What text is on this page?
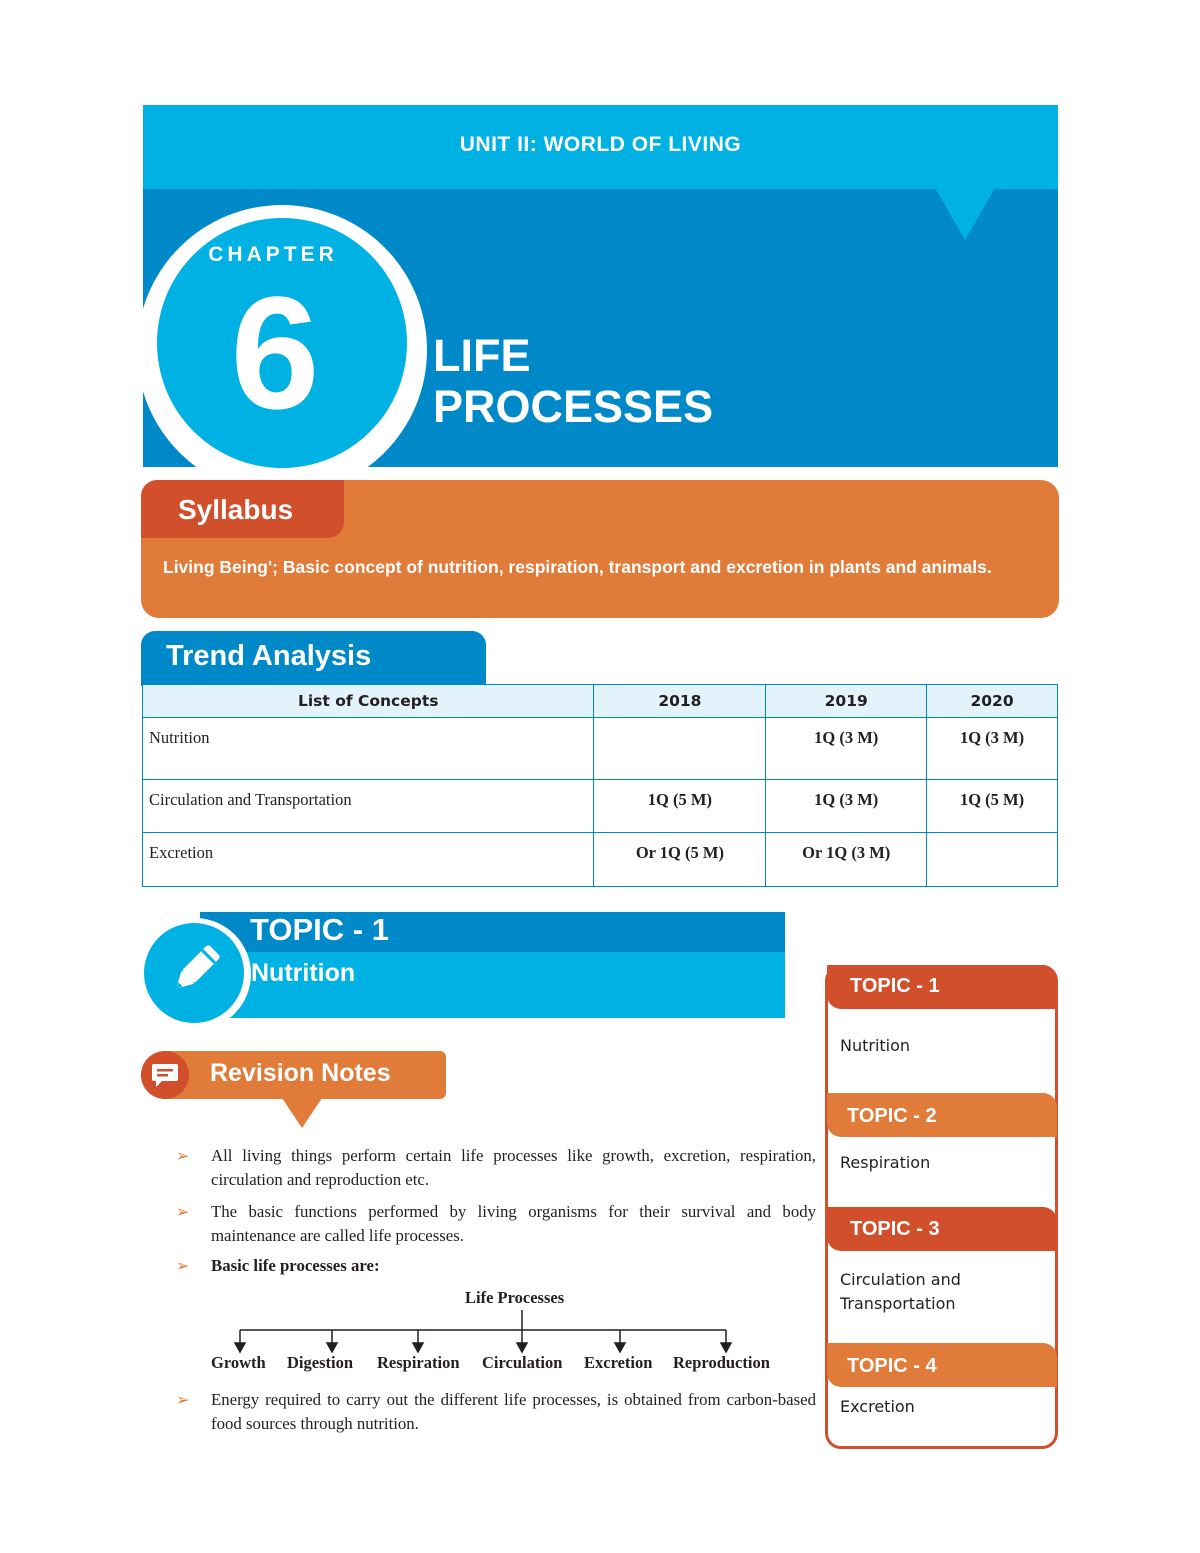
UNIT II: WORLD OF LIVING
CHAPTER
6	LIFE
PROCESSES
Syllabus
Living Being'; Basic concept of nutrition, respiration, transport and excretion in plants and animals.
Trend Analysis
List of Concepts	2018	2019	2020
Nutrition		1Q (3 M)	1Q (3 M)
Circulation and Transportation	1Q (5 M)	1Q (3 M)	1Q (5 M)
Excretion	Or 1Q (5 M)	Or 1Q (3 M)	
TOPIC - 1
Nutrition
Revision Notes
➢ All living things perform certain life processes like growth, excretion, respiration, circulation and reproduction etc.
➢ The basic functions performed by living organisms for their survival and body maintenance are called life processes.
➢ Basic life processes are:
Life Processes
Growth Digestion Respiration Circulation Excretion Reproduction
➢ Energy required to carry out the different life processes, is obtained from carbon-based food sources through nutrition.
TOPIC - 1
Nutrition
TOPIC - 2
Respiration
TOPIC - 3
Circulation and Transportation
TOPIC - 4
Excretion
